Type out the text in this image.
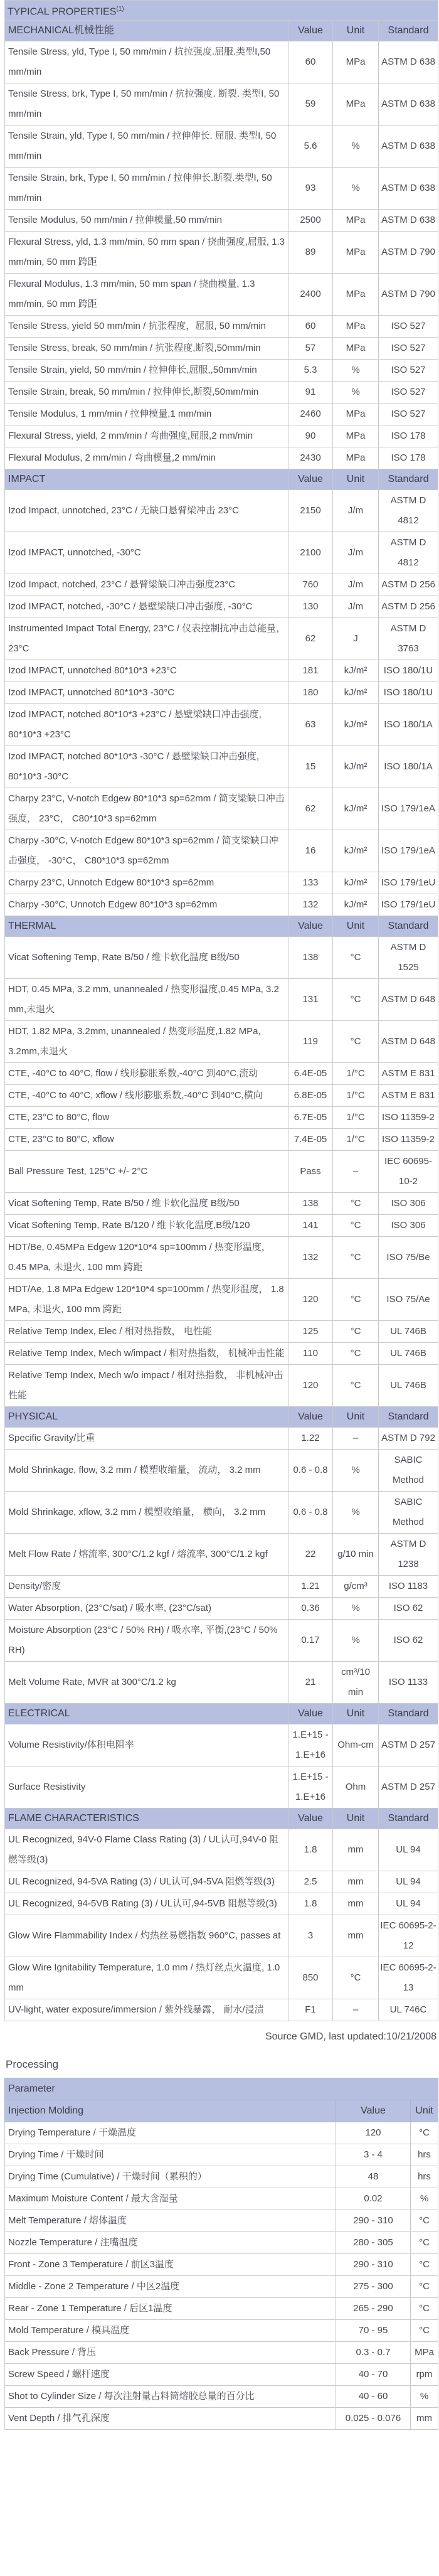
TYPICAL PROPERTIES$^{(1)}$
MECHANICAL机械性能	Value	Unit	Standard
Tensile Stress, yld, Type I, 50 mm/min / 抗拉强度.屈服.类型I,50 mm/min	60	MPa	ASTM D 638
Tensile Stress, brk, Type I, 50 mm/min / 抗拉强度. 断裂. 类型I, 50 mm/min	59	MPa	ASTM D 638
Tensile Strain, yld, Type I, 50 mm/min / 拉伸伸长. 屈服. 类型I, 50 mm/min	5.6	%	ASTM D 638
Tensile Strain, brk, Type I, 50 mm/min / 拉伸伸长.断裂.类型I, 50 mm/min	93	%	ASTM D 638
Tensile Modulus, 50 mm/min / 拉伸模量,50 mm/min	2500	MPa	ASTM D 638
Flexural Stress, yld, 1.3 mm/min, 50 mm span / 挠曲强度,屈服, 1.3 mm/min, 50 mm 跨距	89	MPa	ASTM D 790
Flexural Modulus, 1.3 mm/min, 50 mm span / 挠曲模量, 1.3 mm/min, 50 mm 跨距	2400	MPa	ASTM D 790
Tensile Stress, yield 50 mm/min / 抗张程度，屈服, 50 mm/min	60	MPa	ISO 527
Tensile Stress, break, 50 mm/min / 抗张程度,断裂,50mm/min	57	MPa	ISO 527
Tensile Strain, yield, 50 mm/min / 拉伸伸长,屈服,,50mm/min	5.3	%	ISO 527
Tensile Strain, break, 50 mm/min / 拉伸伸长,断裂,50mm/min	91	%	ISO 527
Tensile Modulus, 1 mm/min / 拉伸模量,1 mm/min	2460	MPa	ISO 527
Flexural Stress, yield, 2 mm/min / 弯曲强度,屈服,2 mm/min	90	MPa	ISO 178
Flexural Modulus, 2 mm/min / 弯曲模量,2 mm/min	2430	MPa	ISO 178
IMPACT	Value	Unit	Standard
Izod Impact, unnotched, 23°C / 无缺口悬臂梁冲击 23°C	2150	J/m	ASTM D 4812
Izod IMPACT, unnotched, -30°C	2100	J/m	ASTM D 4812
Izod Impact, notched, 23°C / 悬臂梁缺口冲击强度23°C	760	J/m	ASTM D 256
Izod IMPACT, notched, -30°C / 悬壁梁缺口冲击强度, -30°C	130	J/m	ASTM D 256
Instrumented Impact Total Energy, 23°C / 仪表控制抗冲击总能量， 23°C	62	J	ASTM D 3763
Izod IMPACT, unnotched 80*10*3 +23°C	181	kJ/m²	ISO 180/1U
Izod IMPACT, unnotched 80*10*3 -30°C	180	kJ/m²	ISO 180/1U
Izod IMPACT, notched 80*10*3 +23°C / 悬壁梁缺口冲击强度, 80*10*3 +23°C	63	kJ/m²	ISO 180/1A
Izod IMPACT, notched 80*10*3 -30°C / 悬壁梁缺口冲击强度, 80*10*3 -30°C	15	kJ/m²	ISO 180/1A
Charpy 23°C, V-notch Edgew 80*10*3 sp=62mm / 简支梁缺口冲击强度， 23°C， C80*10*3 sp=62mm	62	kJ/m²	ISO 179/1eA
Charpy -30°C, V-notch Edgew 80*10*3 sp=62mm / 简支梁缺口冲击强度， -30°C， C80*10*3 sp=62mm	16	kJ/m²	ISO 179/1eA
Charpy 23°C, Unnotch Edgew 80*10*3 sp=62mm	133	kJ/m²	ISO 179/1eU
Charpy -30°C, Unnotch Edgew 80*10*3 sp=62mm	132	kJ/m²	ISO 179/1eU
THERMAL	Value	Unit	Standard
Vicat Softening Temp, Rate B/50 / 维卡软化温度 B级/50	138	°C	ASTM D 1525
HDT, 0.45 MPa, 3.2 mm, unannealed / 热变形温度,0.45 MPa, 3.2 mm,未退火	131	°C	ASTM D 648
HDT, 1.82 MPa, 3.2mm, unannealed / 热变形温度,1.82 MPa, 3.2mm,未退火	119	°C	ASTM D 648
CTE, -40°C to 40°C, flow / 线形膨胀系数,-40°C 到40°C,流动	6.4E-05	1/°C	ASTM E 831
CTE, -40°C to 40°C, xflow / 线形膨胀系数,-40°C 到40°C,横向	6.8E-05	1/°C	ASTM E 831
CTE, 23°C to 80°C, flow	6.7E-05	1/°C	ISO 11359-2
CTE, 23°C to 80°C, xflow	7.4E-05	1/°C	ISO 11359-2
Ball Pressure Test, 125°C +/- 2°C	Pass	–	IEC 60695-10-2
Vicat Softening Temp, Rate B/50 / 维卡软化温度 B级/50	138	°C	ISO 306
Vicat Softening Temp, Rate B/120 / 维卡软化温度,B级/120	141	°C	ISO 306
HDT/Be, 0.45MPa Edgew 120*10*4 sp=100mm / 热变形温度， 0.45 MPa, 未退火, 100 mm 跨距	132	°C	ISO 75/Be
HDT/Ae, 1.8 MPa Edgew 120*10*4 sp=100mm / 热变形温度， 1.8 MPa, 未退火, 100 mm 跨距	120	°C	ISO 75/Ae
Relative Temp Index, Elec / 相对热指数， 电性能	125	°C	UL 746B
Relative Temp Index, Mech w/impact / 相对热指数， 机械冲击性能	110	°C	UL 746B
Relative Temp Index, Mech w/o impact / 相对热指数， 非机械冲击性能	120	°C	UL 746B
PHYSICAL	Value	Unit	Standard
Specific Gravity/比重	1.22	–	ASTM D 792
Mold Shrinkage, flow, 3.2 mm / 模塑收缩量， 流动， 3.2 mm	0.6 - 0.8	%	SABIC Method
Mold Shrinkage, xflow, 3.2 mm / 模塑收缩量， 横向， 3.2 mm	0.6 - 0.8	%	SABIC Method
Melt Flow Rate / 熔流率, 300°C/1.2 kgf / 熔流率, 300°C/1.2 kgf	22	g/10 min	ASTM D 1238
Density/密度	1.21	g/cm³	ISO 1183
Water Absorption, (23°C/sat) / 吸水率, (23°C/sat)	0.36	%	ISO 62
Moisture Absorption (23°C / 50% RH) / 吸水率, 平衡,(23°C / 50% RH)	0.17	%	ISO 62
Melt Volume Rate, MVR at 300°C/1.2 kg	21	cm³/10 min	ISO 1133
ELECTRICAL	Value	Unit	Standard
Volume Resistivity/体积电阻率	1.E+15 - 1.E+16	Ohm-cm	ASTM D 257
Surface Resistivity	1.E+15 - 1.E+16	Ohm	ASTM D 257
FLAME CHARACTERISTICS	Value	Unit	Standard
UL Recognized, 94V-0 Flame Class Rating (3) / UL认可,94V-0 阻燃等级(3)	1.8	mm	UL 94
UL Recognized, 94-5VA Rating (3) / UL认可,94-5VA 阻燃等级(3)	2.5	mm	UL 94
UL Recognized, 94-5VB Rating (3) / UL认可,94-5VB 阻燃等级(3)	1.8	mm	UL 94
Glow Wire Flammability Index / 灼热丝易燃指数 960°C, passes at	3	mm	IEC 60695-2-12
Glow Wire Ignitability Temperature, 1.0 mm / 热灯丝点火温度, 1.0 mm	850	°C	IEC 60695-2-13
UV-light, water exposure/immersion / 紫外线暴露， 耐水/浸渍	F1	–	UL 746C
Source GMD, last updated:10/21/2008
Processing
Parameter		
Injection Molding	Value	Unit
Drying Temperature / 干燥温度	120	°C
Drying Time / 干燥时间	3 - 4	hrs
Drying Time (Cumulative) / 干燥时间（累积的）	48	hrs
Maximum Moisture Content / 最大含湿量	0.02	%
Melt Temperature / 熔体温度	290 - 310	°C
Nozzle Temperature / 注嘴温度	280 - 305	°C
Front - Zone 3 Temperature / 前区3温度	290 - 310	°C
Middle - Zone 2 Temperature / 中区2温度	275 - 300	°C
Rear - Zone 1 Temperature / 后区1温度	265 - 290	°C
Mold Temperature / 模具温度	70 - 95	°C
Back Pressure / 背压	0.3 - 0.7	MPa
Screw Speed / 螺杆速度	40 - 70	rpm
Shot to Cylinder Size / 每次注射量占料筒熔胶总量的百分比	40 - 60	%
Vent Depth / 排气孔深度	0.025 - 0.076	mm
